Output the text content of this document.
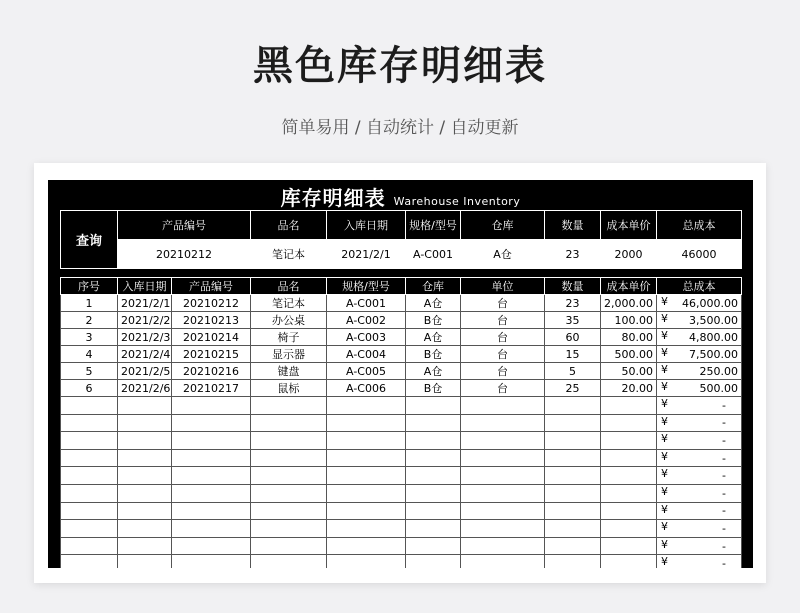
黑色库存明细表
简单易用 / 自动统计 / 自动更新
库存明细表 Warehouse Inventory
查询	产品编号	品名	入库日期	规格/型号	仓库	数量	成本单价	总成本
	20210212	笔记本	2021/2/1	A-C001	A仓	23	2000	46000
序号	入库日期	产品编号	品名	规格/型号	仓库	单位	数量	成本单价	总成本
1	2021/2/1	20210212	笔记本	A-C001	A仓	台	23	2,000.00	¥ 46,000.00

2	2021/2/2	20210213	办公桌	A-C002	B仓	台	35	100.00	¥ 3,500.00

3	2021/2/3	20210214	椅子	A-C003	A仓	台	60	80.00	¥ 4,800.00

4	2021/2/4	20210215	显示器	A-C004	B仓	台	15	500.00	¥ 7,500.00

5	2021/2/5	20210216	键盘	A-C005	A仓	台	5	50.00	¥ 250.00

6	2021/2/6	20210217	鼠标	A-C006	B仓	台	25	20.00	¥ 500.00

									¥ -

									¥ -

									¥ -

									¥ -

									¥ -

									¥ -

									¥ -

									¥ -

									¥ -

									¥ -
